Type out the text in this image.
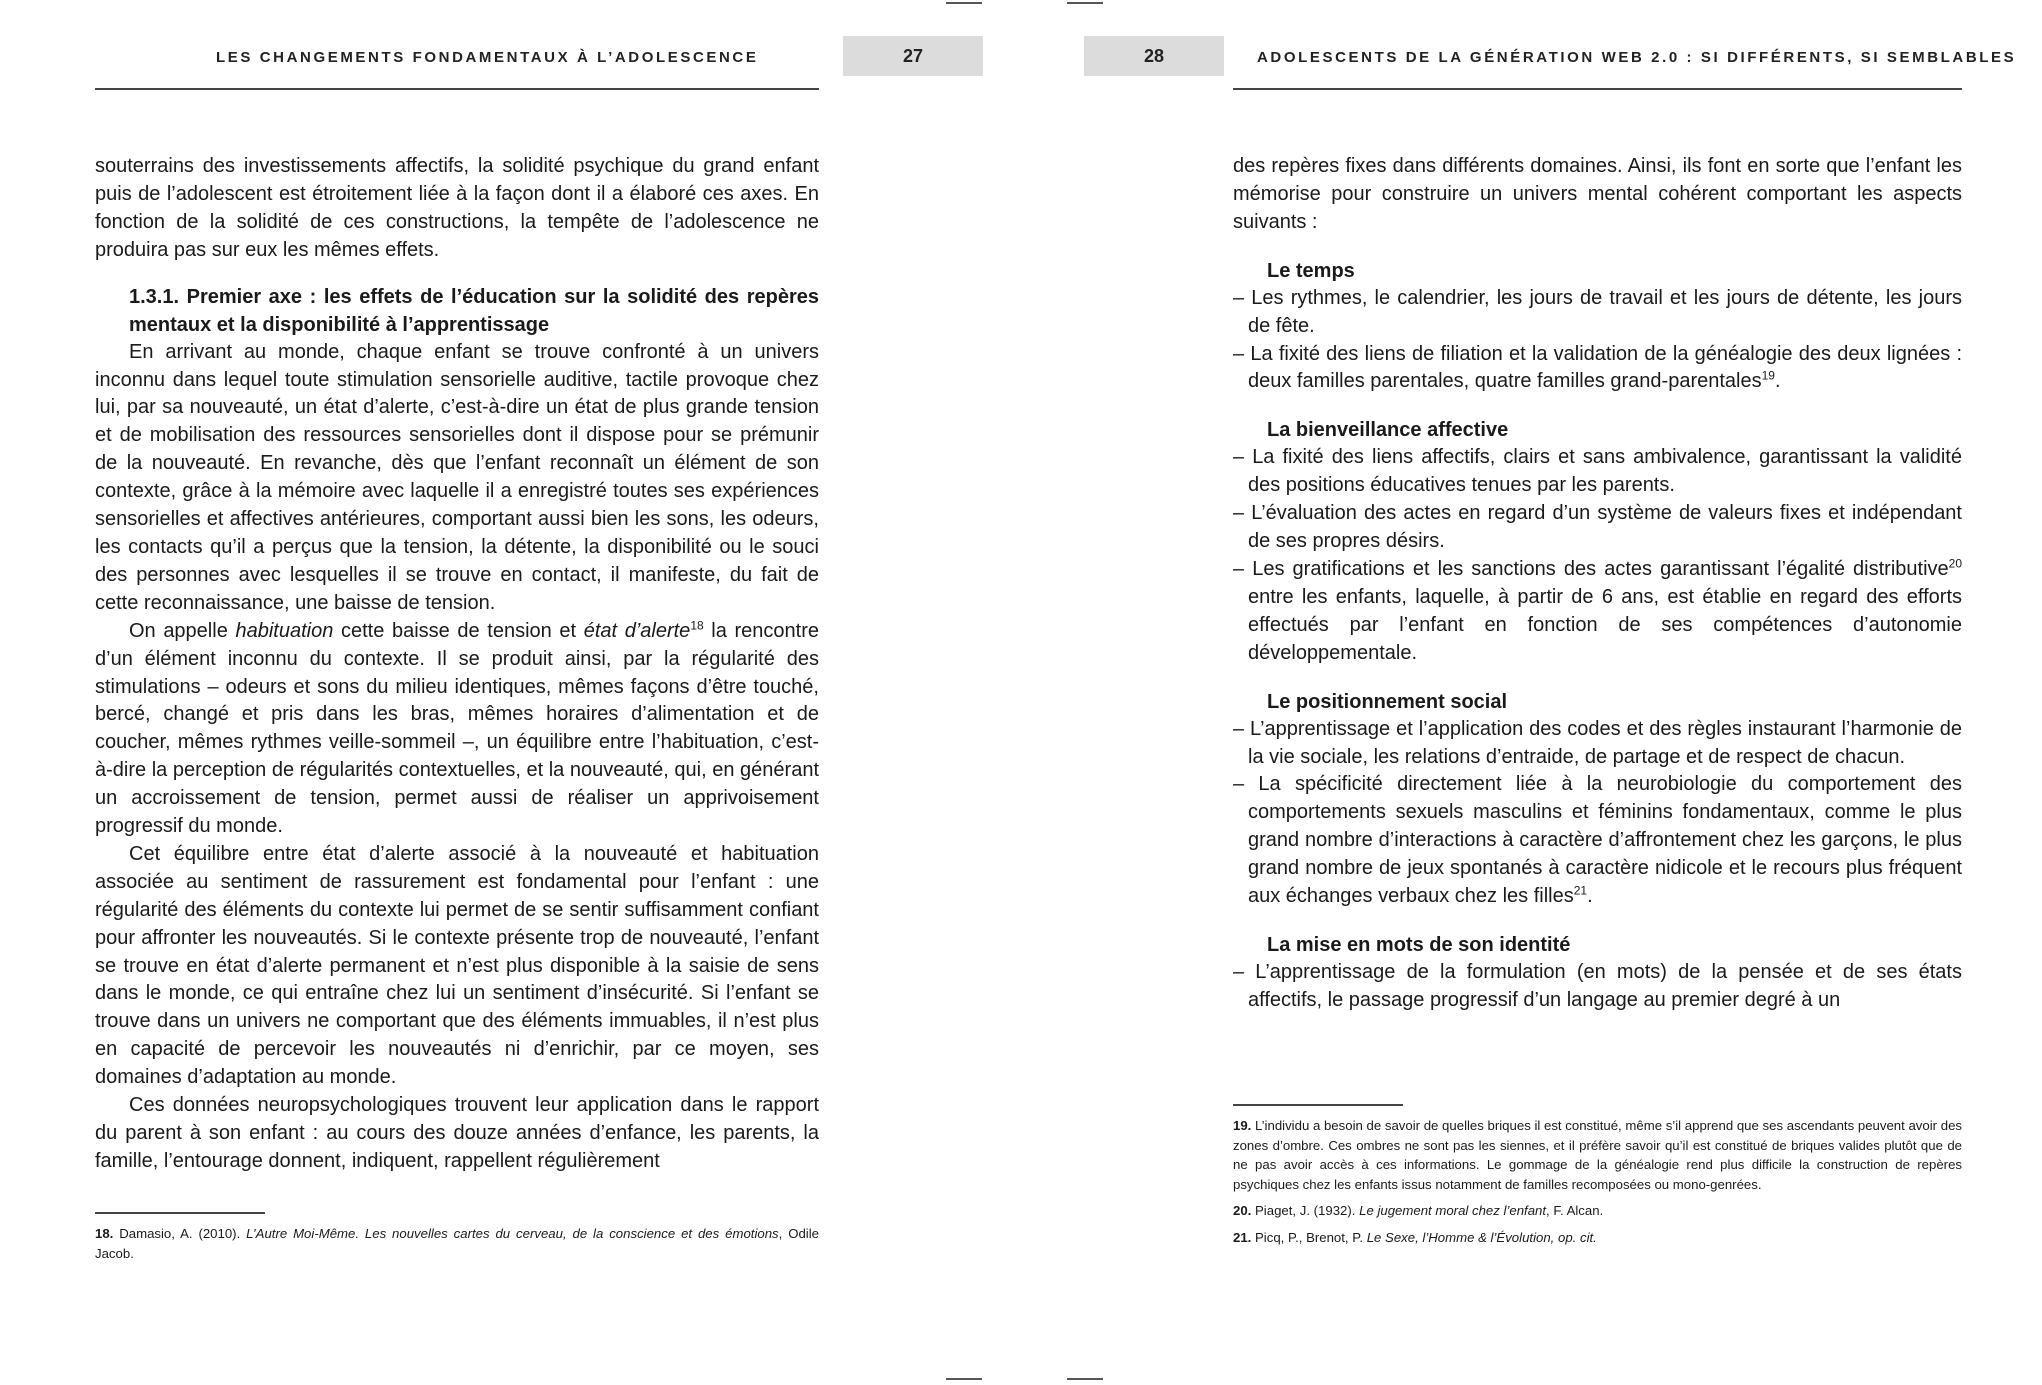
LES CHANGEMENTS FONDAMENTAUX À L’ADOLESCENCE	27

souterrains des investissements affectifs, la solidité psychique du grand enfant puis de l’adolescent est étroitement liée à la façon dont il a élaboré ces axes. En fonction de la solidité de ces constructions, la tempête de l’adolescence ne produira pas sur eux les mêmes effets.

1.3.1. Premier axe : les effets de l’éducation sur la solidité des repères mentaux et la disponibilité à l’apprentissage

En arrivant au monde, chaque enfant se trouve confronté à un univers inconnu dans lequel toute stimulation sensorielle auditive, tactile provoque chez lui, par sa nouveauté, un état d’alerte, c’est-à-dire un état de plus grande tension et de mobilisation des ressources sensorielles dont il dispose pour se prémunir de la nouveauté. En revanche, dès que l’enfant reconnaît un élément de son contexte, grâce à la mémoire avec laquelle il a enregistré toutes ses expériences sensorielles et affectives antérieures, comportant aussi bien les sons, les odeurs, les contacts qu’il a perçus que la tension, la détente, la disponibilité ou le souci des personnes avec lesquelles il se trouve en contact, il manifeste, du fait de cette reconnaissance, une baisse de tension.

On appelle habituation cette baisse de tension et état d’alerte$^{18}$ la rencontre d’un élément inconnu du contexte. Il se produit ainsi, par la régularité des stimulations – odeurs et sons du milieu identiques, mêmes façons d’être touché, bercé, changé et pris dans les bras, mêmes horaires d’alimentation et de coucher, mêmes rythmes veille-sommeil –, un équilibre entre l’habituation, c’est-à-dire la perception de régularités contextuelles, et la nouveauté, qui, en générant un accroissement de tension, permet aussi de réaliser un apprivoisement progressif du monde.

Cet équilibre entre état d’alerte associé à la nouveauté et habituation associée au sentiment de rassurement est fondamental pour l’enfant : une régularité des éléments du contexte lui permet de se sentir suffisamment confiant pour affronter les nouveautés. Si le contexte présente trop de nouveauté, l’enfant se trouve en état d’alerte permanent et n’est plus disponible à la saisie de sens dans le monde, ce qui entraîne chez lui un sentiment d’insécurité. Si l’enfant se trouve dans un univers ne comportant que des éléments immuables, il n’est plus en capacité de percevoir les nouveautés ni d’enrichir, par ce moyen, ses domaines d’adaptation au monde.

Ces données neuropsychologiques trouvent leur application dans le rapport du parent à son enfant : au cours des douze années d’enfance, les parents, la famille, l’entourage donnent, indiquent, rappellent régulièrement

18. Damasio, A. (2010). L’Autre Moi-Même. Les nouvelles cartes du cerveau, de la conscience et des émotions, Odile Jacob.

28	ADOLESCENTS DE LA GÉNÉRATION WEB 2.0 : SI DIFFÉRENTS, SI SEMBLABLES

des repères fixes dans différents domaines. Ainsi, ils font en sorte que l’enfant les mémorise pour construire un univers mental cohérent comportant les aspects suivants :

Le temps

– Les rythmes, le calendrier, les jours de travail et les jours de détente, les jours de fête.

– La fixité des liens de filiation et la validation de la généalogie des deux lignées : deux familles parentales, quatre familles grand-parentales$^{19}$.

La bienveillance affective

– La fixité des liens affectifs, clairs et sans ambivalence, garantissant la validité des positions éducatives tenues par les parents.

– L’évaluation des actes en regard d’un système de valeurs fixes et indépendant de ses propres désirs.

– Les gratifications et les sanctions des actes garantissant l’égalité distributive$^{20}$ entre les enfants, laquelle, à partir de 6 ans, est établie en regard des efforts effectués par l’enfant en fonction de ses compétences d’autonomie développementale.

Le positionnement social

– L’apprentissage et l’application des codes et des règles instaurant l’harmonie de la vie sociale, les relations d’entraide, de partage et de respect de chacun.

– La spécificité directement liée à la neurobiologie du comportement des comportements sexuels masculins et féminins fondamentaux, comme le plus grand nombre d’interactions à caractère d’affrontement chez les garçons, le plus grand nombre de jeux spontanés à caractère nidicole et le recours plus fréquent aux échanges verbaux chez les filles$^{21}$.

La mise en mots de son identité

– L’apprentissage de la formulation (en mots) de la pensée et de ses états affectifs, le passage progressif d’un langage au premier degré à un

19. L’individu a besoin de savoir de quelles briques il est constitué, même s’il apprend que ses ascendants peuvent avoir des zones d’ombre. Ces ombres ne sont pas les siennes, et il préfère savoir qu’il est constitué de briques valides plutôt que de ne pas avoir accès à ces informations. Le gommage de la généalogie rend plus difficile la construction de repères psychiques chez les enfants issus notamment de familles recomposées ou mono-genrées.

20. Piaget, J. (1932). Le jugement moral chez l’enfant, F. Alcan.

21. Picq, P., Brenot, P. Le Sexe, l’Homme & l’Évolution, op. cit.
